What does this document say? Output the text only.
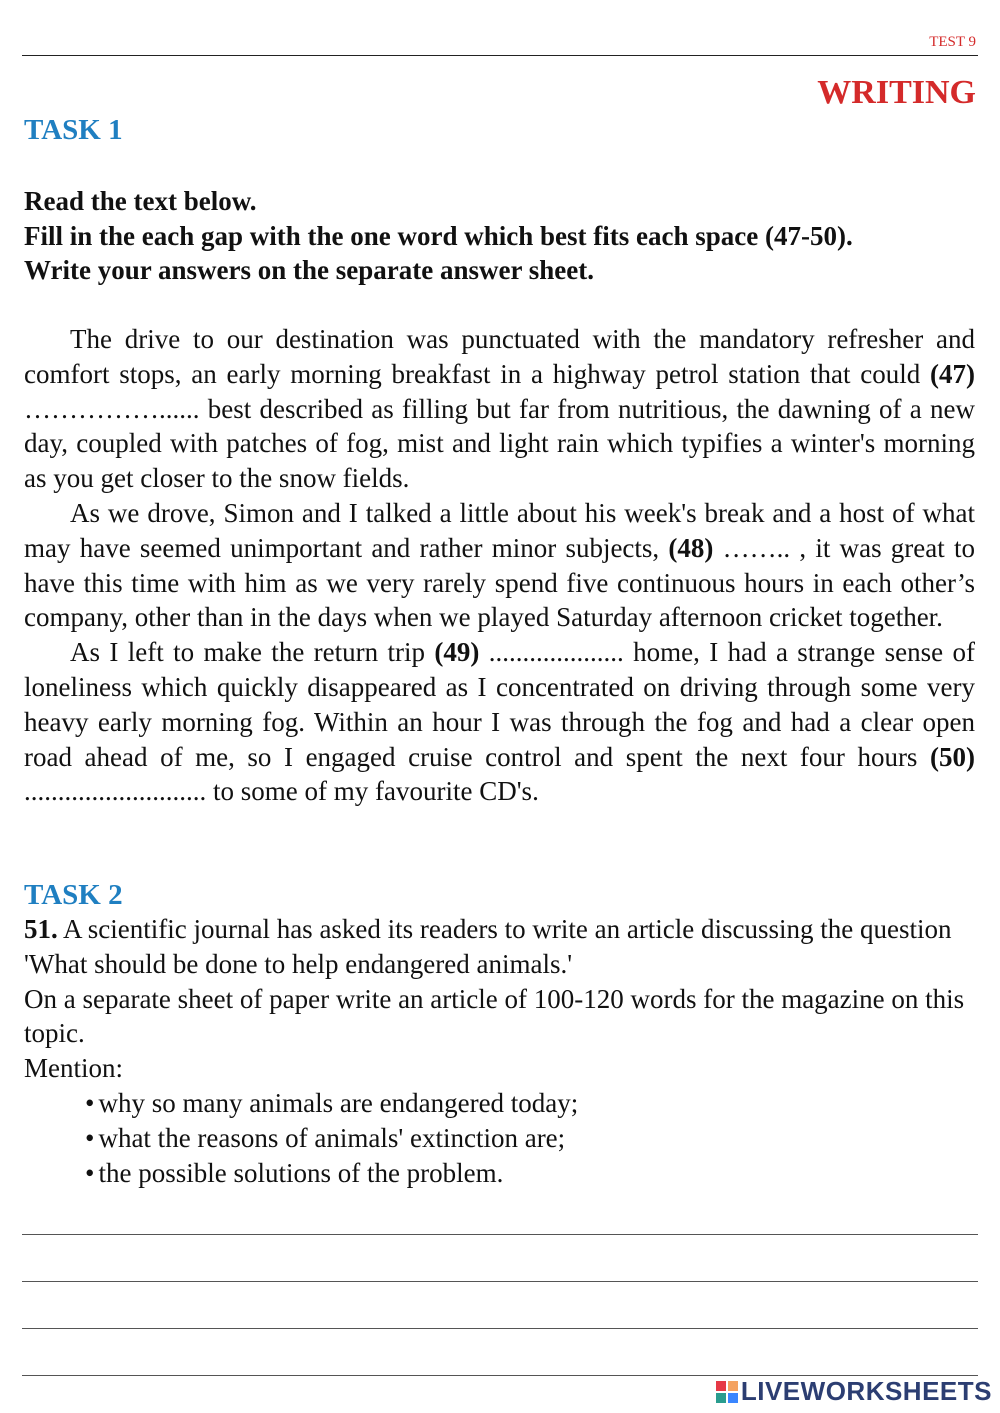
TEST 9
WRITING
TASK 1
Read the text below.
Fill in the each gap with the one word which best fits each space (47-50).
Write your answers on the separate answer sheet.

The drive to our destination was punctuated with the mandatory refresher and comfort stops, an early morning breakfast in a highway petrol station that could (47) ……………...... best described as filling but far from nutritious, the dawning of a new day, coupled with patches of fog, mist and light rain which typifies a winter's morning as you get closer to the snow fields.

As we drove, Simon and I talked a little about his week's break and a host of what may have seemed unimportant and rather minor subjects, (48) …….. , it was great to have this time with him as we very rarely spend five continuous hours in each other’s company, other than in the days when we played Saturday afternoon cricket together.

As I left to make the return trip (49) .................... home, I had a strange sense of loneliness which quickly disappeared as I concentrated on driving through some very heavy early morning fog. Within an hour I was through the fog and had a clear open road ahead of me, so I engaged cruise control and spent the next four hours (50) ........................... to some of my favourite CD's.

TASK 2

51. A scientific journal has asked its readers to write an article discussing the question 'What should be done to help endangered animals.'

On a separate sheet of paper write an article of 100-120 words for the magazine on this topic.

Mention:

• why so many animals are endangered today;
• what the reasons of animals' extinction are;
• the possible solutions of the problem.
LIVEWORKSHEETS
